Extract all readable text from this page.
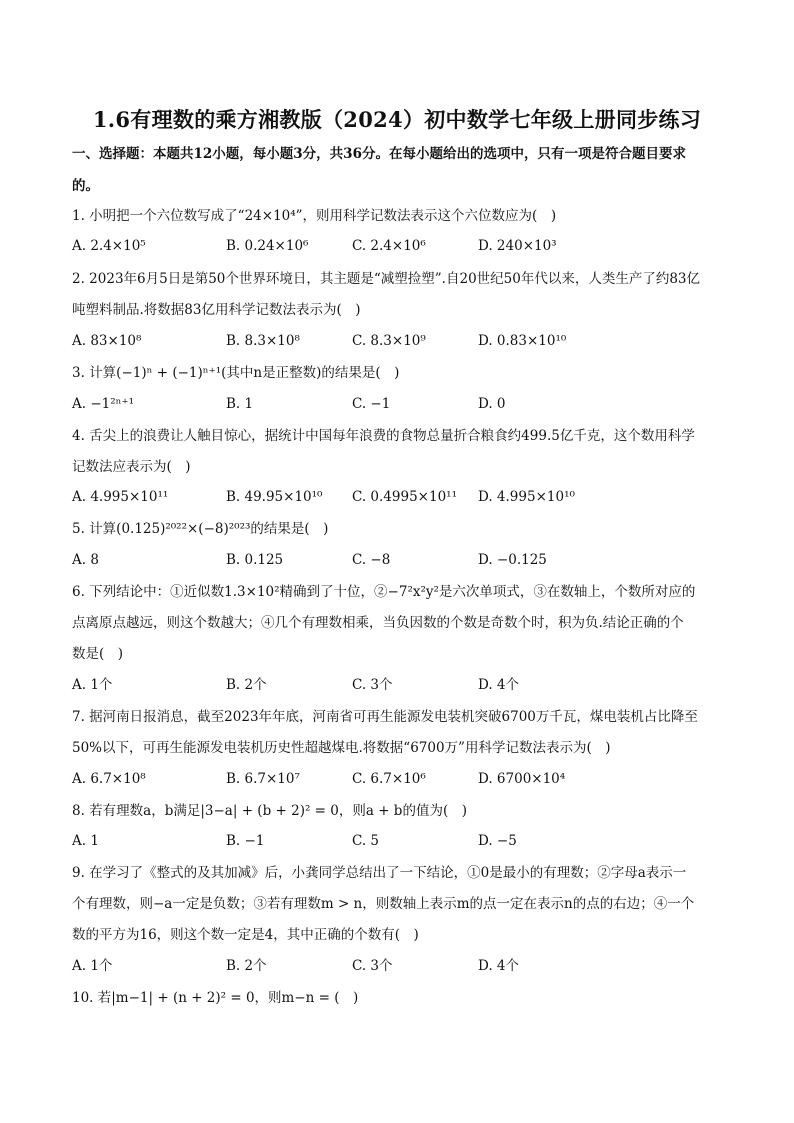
1.6有理数的乘方湘教版（2024）初中数学七年级上册同步练习
一、选择题：本题共12小题，每小题3分，共36分。在每小题给出的选项中，只有一项是符合题目要求
的。
1. 小明把一个六位数写成了“24×10⁴”，则用科学记数法表示这个六位数应为(　)
A. 2.4×10⁵	B. 0.24×10⁶	C. 2.4×10⁶	D. 240×10³
2. 2023年6月5日是第50个世界环境日，其主题是“减塑捡塑”.自20世纪50年代以来，人类生产了约83亿
吨塑料制品.将数据83亿用科学记数法表示为(　)
A. 83×10⁸	B. 8.3×10⁸	C. 8.3×10⁹	D. 0.83×10¹⁰
3. 计算(−1)ⁿ + (−1)ⁿ⁺¹(其中n是正整数)的结果是(　)
A. −1²ⁿ⁺¹	B. 1	C. −1	D. 0
4. 舌尖上的浪费让人触目惊心，据统计中国每年浪费的食物总量折合粮食约499.5亿千克，这个数用科学
记数法应表示为(　)
A. 4.995×10¹¹	B. 49.95×10¹⁰ C. 0.4995×10¹¹ D. 4.995×10¹⁰
5. 计算(0.125)²⁰²²×(−8)²⁰²³的结果是(　)
A. 8	B. 0.125	C. −8	D. −0.125
6. 下列结论中：①近似数1.3×10²精确到了十位，②−7²x²y²是六次单项式，③在数轴上，个数所对应的
点离原点越远，则这个数越大；④几个有理数相乘，当负因数的个数是奇数个时，积为负.结论正确的个
数是(　)
A. 1个	B. 2个	C. 3个	D. 4个
7. 据河南日报消息，截至2023年年底，河南省可再生能源发电装机突破6700万千瓦，煤电装机占比降至
50%以下，可再生能源发电装机历史性超越煤电.将数据“6700万”用科学记数法表示为(　)
A. 6.7×10⁸	B. 6.7×10⁷	C. 6.7×10⁶	D. 6700×10⁴
8. 若有理数a，b满足|3−a| + (b + 2)² = 0，则a + b的值为(　)
A. 1	B. −1	C. 5	D. −5
9. 在学习了《整式的及其加减》后，小龚同学总结出了一下结论，①0是最小的有理数；②字母a表示一
个有理数，则−a一定是负数；③若有理数m > n，则数轴上表示m的点一定在表示n的点的右边；④一个
数的平方为16，则这个数一定是4，其中正确的个数有(　)
A. 1个	B. 2个	C. 3个	D. 4个
10. 若|m−1| + (n + 2)² = 0，则m−n = (　)
